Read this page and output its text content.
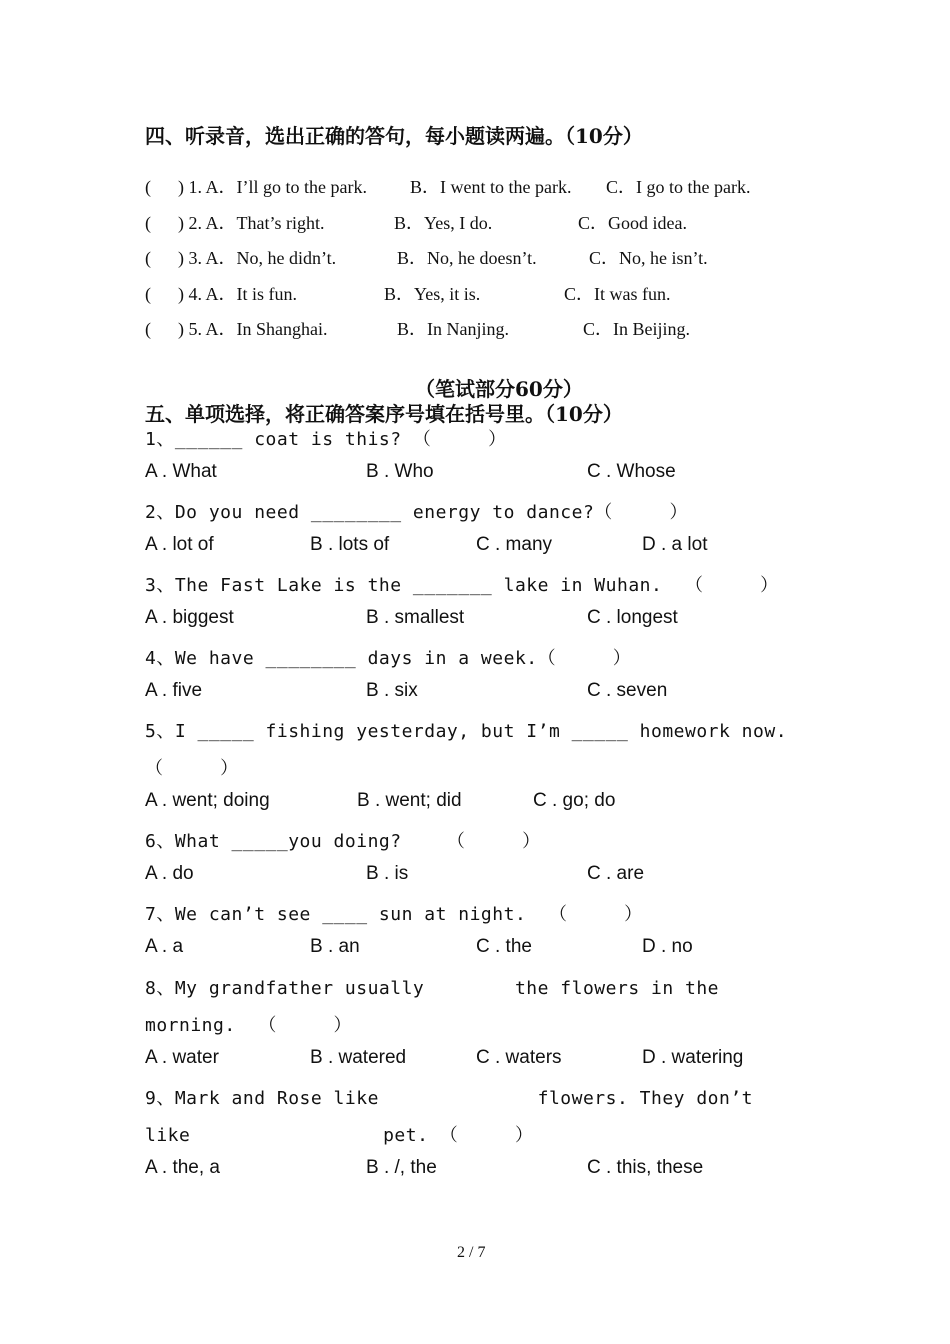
四、听录音，选出正确的答句，每小题读两遍。（10分）
(      ) 1. A．I’ll go to the park. B．I went to the park. C．I go to the park.
(      ) 2. A．That’s right.	B．Yes, I do.	C．Good idea.
(      ) 3. A．No, he didn’t.	B．No, he doesn’t.	C．No, he isn’t.
(      ) 4. A．It is fun.	B．Yes, it is.	C．It was fun.
(      ) 5. A．In Shanghai.	B．In Nanjing.	C．In Beijing.
（笔试部分60分）
五、单项选择，将正确答案序号填在括号里。（10分）
1、______ coat is this? （     ）
A . What	B . Who	C . Whose
2、Do you need ________ energy to dance?（     ）
A . lot of	B . lots of	C . many	D . a lot
3、The Fast Lake is the _______ lake in Wuhan.  （     ）
A . biggest	B . smallest	C . longest
4、We have ________ days in a week.（     ）
A . five	B . six	C . seven
5、I _____ fishing yesterday, but I’m _____ homework now.
（     ）
A . went; doing	B . went; did	C . go; do
6、What _____you doing?    （     ）
A . do	B . is	C . are
7、We can’t see ____ sun at night.  （     ）
A . a	B . an	C . the	D . no
8、My grandfather usually        the flowers in the
morning.  （     ）
A . water	B . watered	C . waters	D . watering
9、Mark and Rose like              flowers. They don’t
like                 pet. （     ）
A . the, a	B . /, the	C . this, these
2 / 7
